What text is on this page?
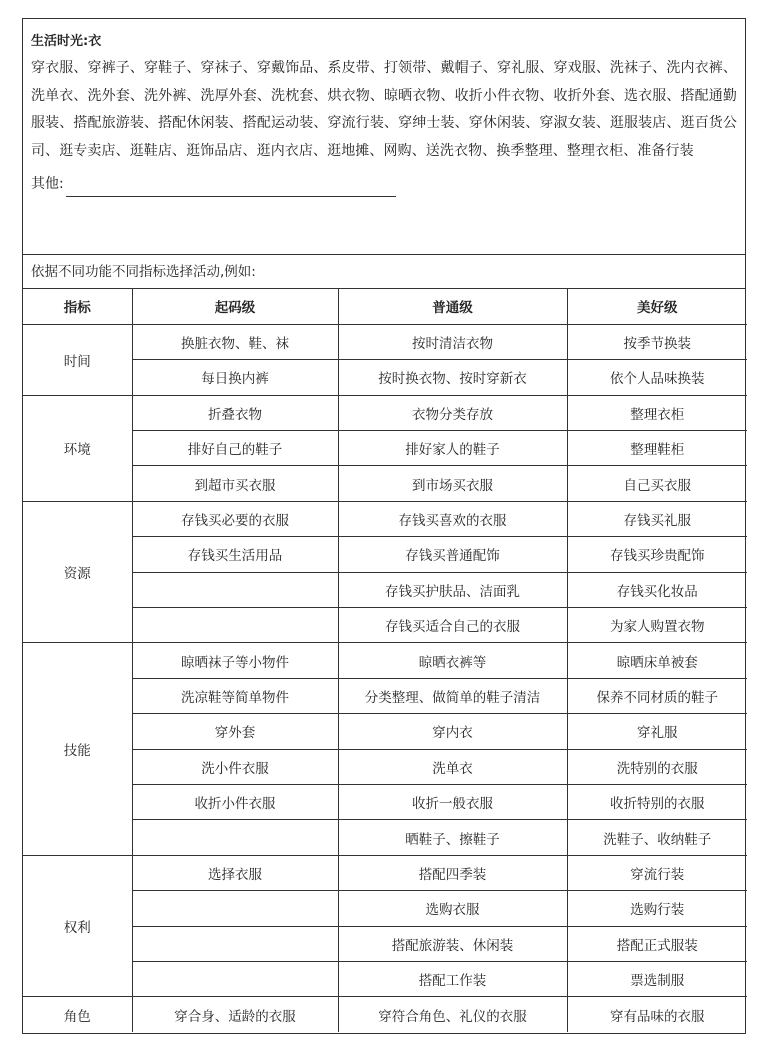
生活时光:衣

穿衣服、穿裤子、穿鞋子、穿袜子、穿戴饰品、系皮带、打领带、戴帽子、穿礼服、穿戏服、洗袜子、洗内衣裤、洗单衣、洗外套、洗外裤、洗厚外套、洗枕套、烘衣物、晾晒衣物、收折小件衣物、收折外套、选衣服、搭配通勤服装、搭配旅游装、搭配休闲装、搭配运动装、穿流行装、穿绅士装、穿休闲装、穿淑女装、逛服装店、逛百货公司、逛专卖店、逛鞋店、逛饰品店、逛内衣店、逛地摊、网购、送洗衣物、换季整理、整理衣柜、准备行装

其他:
依据不同功能不同指标选择活动,例如:
指标	起码级	普通级	美好级
时间	换脏衣物、鞋、袜	按时清洁衣物	按季节换装
	每日换内裤	按时换衣物、按时穿新衣	依个人品味换装
环境	折叠衣物	衣物分类存放	整理衣柜
	排好自己的鞋子	排好家人的鞋子	整理鞋柜
	到超市买衣服	到市场买衣服	自己买衣服
资源	存钱买必要的衣服	存钱买喜欢的衣服	存钱买礼服
	存钱买生活用品	存钱买普通配饰	存钱买珍贵配饰
		存钱买护肤品、洁面乳	存钱买化妆品
		存钱买适合自己的衣服	为家人购置衣物
技能	晾晒袜子等小物件	晾晒衣裤等	晾晒床单被套
	洗凉鞋等简单物件	分类整理、做简单的鞋子清洁	保养不同材质的鞋子
	穿外套	穿内衣	穿礼服
	洗小件衣服	洗单衣	洗特别的衣服
	收折小件衣服	收折一般衣服	收折特别的衣服
		晒鞋子、擦鞋子	洗鞋子、收纳鞋子
权利	选择衣服	搭配四季装	穿流行装
		选购衣服	选购行装
		搭配旅游装、休闲装	搭配正式服装
		搭配工作装	票选制服
角色	穿合身、适龄的衣服	穿符合角色、礼仪的衣服	穿有品味的衣服
